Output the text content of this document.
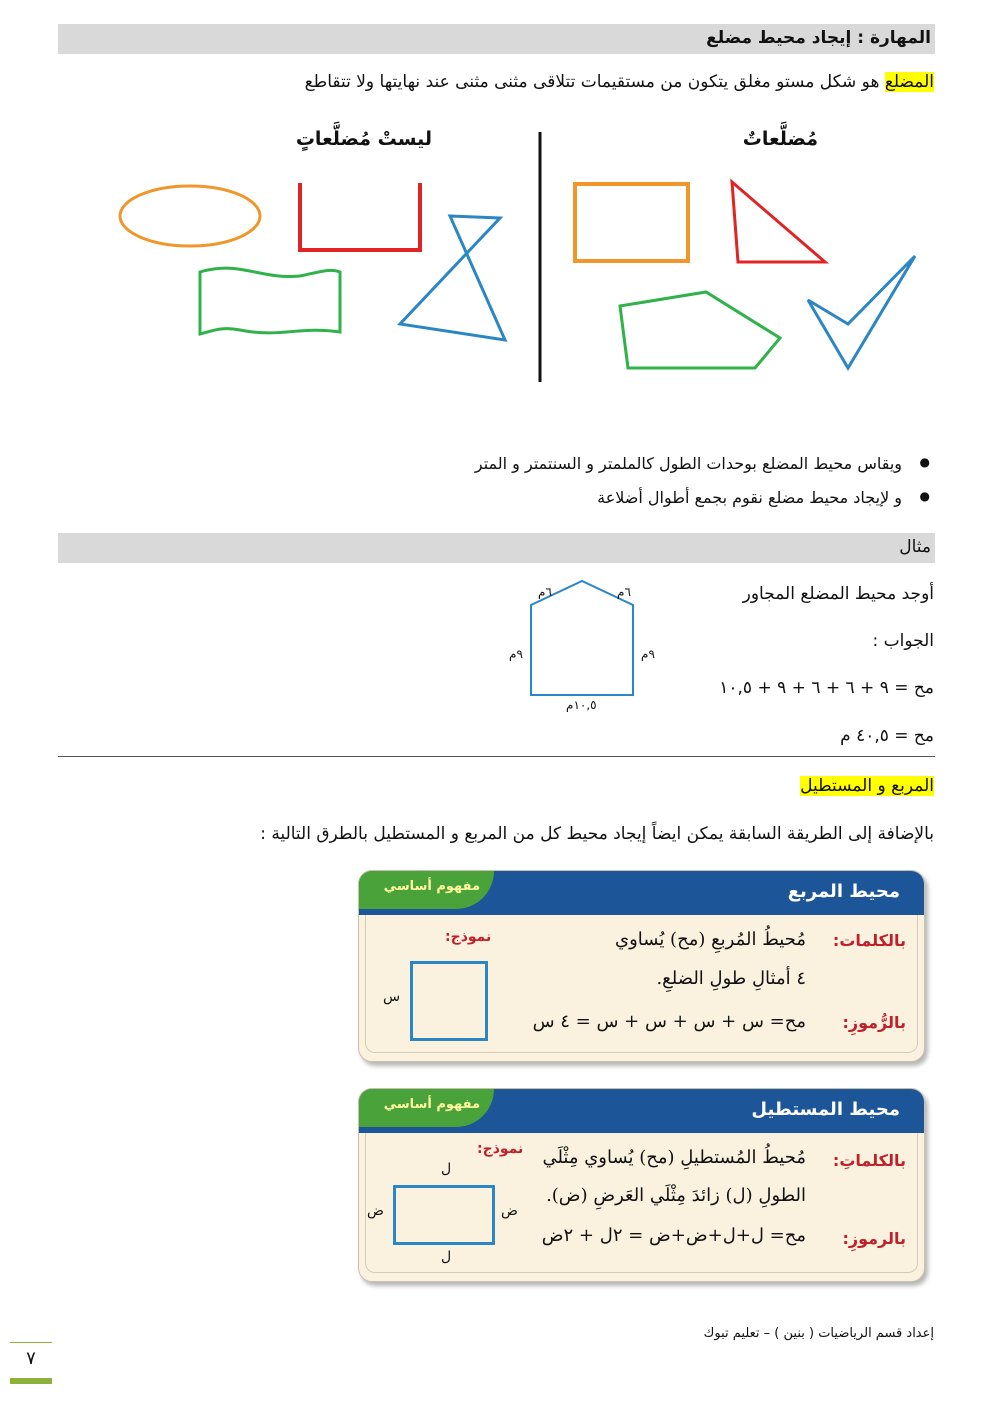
المهارة : إيجاد محيط مضلع
المضلع هو شكل مستو مغلق يتكون من مستقيمات تتلاقى مثنى مثنى عند نهايتها ولا تتقاطع
ليستْ مُضلَّعاتٍ	مُضلَّعاتٌ
● ويقاس محيط المضلع بوحدات الطول كالملمتر و السنتمتر و المتر
● و لإيجاد محيط مضلع نقوم بجمع أطوال أضلاعة
مثال
أوجد محيط المضلع المجاور
الجواب :
مح = ٩ + ٦ + ٦ + ٩ + ١٠,٥
مح = ٤٠,٥ م
٦م	٦م
٩م	٩م
١٠,٥م
المربع و المستطيل
بالإضافة إلى الطريقة السابقة يمكن ايضاً إيجاد محيط كل من المربع و المستطيل بالطرق التالية :
محيط المربع
مفهوم أساسي
بالكلمات:
مُحيطُ المُربعِ (مح) يُساوي
٤ أمثالِ طولِ الضلعِ.
بالرُّموزِ:
مح= س + س + س + س = ٤ س
نموذج:
س
محيط المستطيل
مفهوم أساسي
بالكلماتِ:
مُحيطُ المُستطيلِ (مح) يُساوي مِثْلَي
الطولِ (ل) زائدَ مِثْلَي العَرضِ (ض).
بالرموزِ:
مح= ل+ل+ض+ض = ٢ل + ٢ض
نموذج:
ل
ل
ض	ض
إعداد قسم الرياضيات ( بنين ) – تعليم تبوك
٧
